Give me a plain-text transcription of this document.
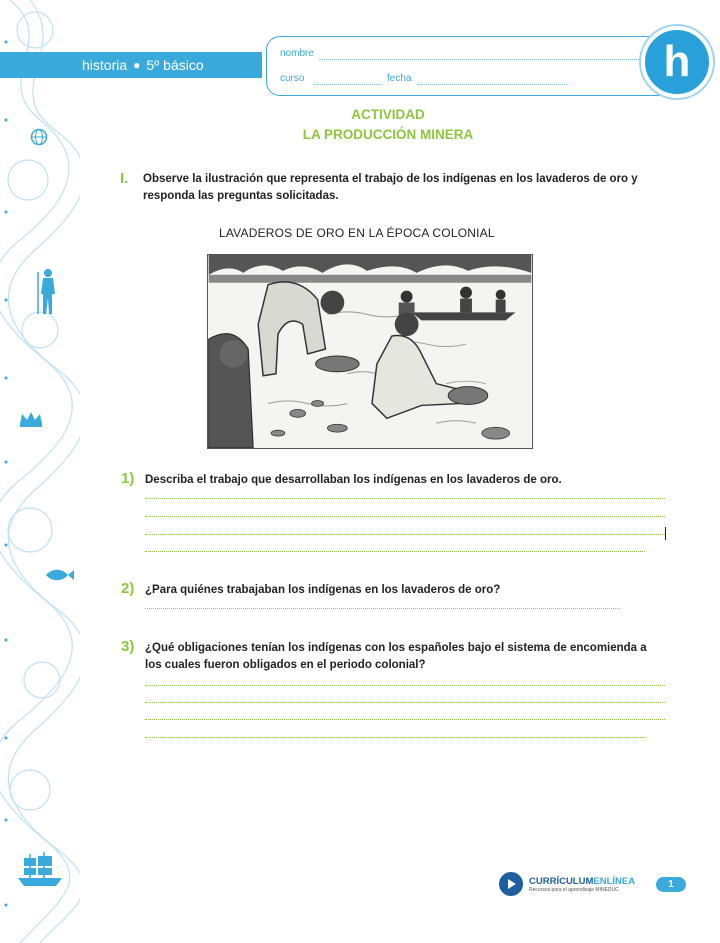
historia ● 5º básico
nombre
curso	fecha	h
ACTIVIDAD
LA PRODUCCIÓN MINERA
I. Observe la ilustración que representa el trabajo de los indígenas en los lavaderos de oro y
responda las preguntas solicitadas.
LAVADEROS DE ORO EN LA ÉPOCA COLONIAL
1) Describa el trabajo que desarrollaban los indígenas en los lavaderos de oro.
2) ¿Para quiénes trabajaban los indígenas en los lavaderos de oro?
3) ¿Qué obligaciones tenían los indígenas con los españoles bajo el sistema de encomienda a
los cuales fueron obligados en el periodo colonial?
CURRÍCULUMENLÍNEA
Recursos para el aprendizaje MINEDUC	1
